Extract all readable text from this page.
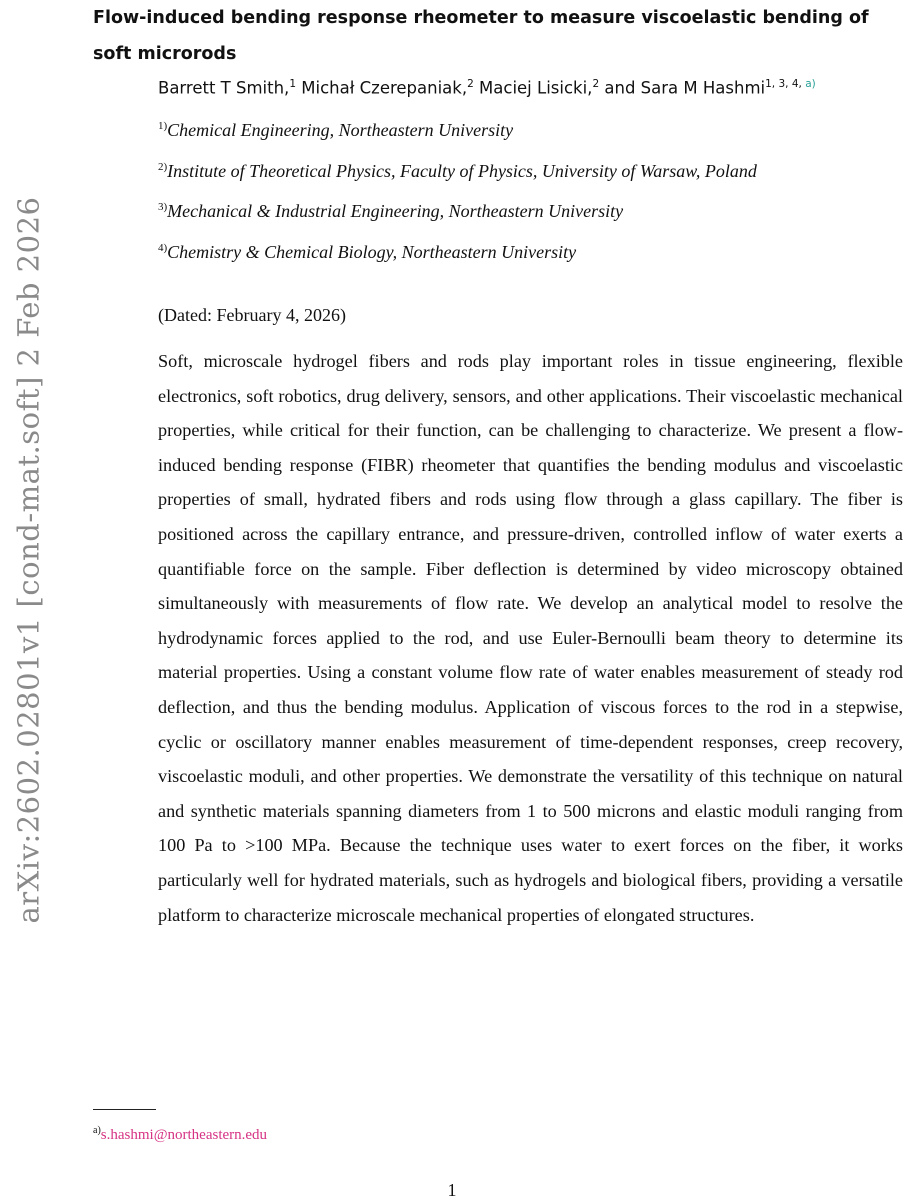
arXiv:2602.02801v1 [cond-mat.soft] 2 Feb 2026
Flow-induced bending response rheometer to measure viscoelastic bending of soft microrods
Barrett T Smith,$^1$ Michał Czerepaniak,$^2$ Maciej Lisicki,$^2$ and Sara M Hashmi$^{1, 3, 4,}$ $^{a)}$
$^{1)}$Chemical Engineering, Northeastern University
$^{2)}$Institute of Theoretical Physics, Faculty of Physics, University of Warsaw, Poland
$^{3)}$Mechanical & Industrial Engineering, Northeastern University
$^{4)}$Chemistry & Chemical Biology, Northeastern University
(Dated: February 4, 2026)

Soft, microscale hydrogel fibers and rods play important roles in tissue engineering, flexible electronics, soft robotics, drug delivery, sensors, and other applications. Their viscoelastic mechanical properties, while critical for their function, can be challenging to characterize. We present a flow-induced bending response (FIBR) rheometer that quantifies the bending modulus and viscoelastic properties of small, hydrated fibers and rods using flow through a glass capillary. The fiber is positioned across the capillary entrance, and pressure-driven, controlled inflow of water exerts a quantifiable force on the sample. Fiber deflection is determined by video microscopy obtained simultaneously with measurements of flow rate. We develop an analytical model to resolve the hydrodynamic forces applied to the rod, and use Euler-Bernoulli beam theory to determine its material properties. Using a constant volume flow rate of water enables measurement of steady rod deflection, and thus the bending modulus. Application of viscous forces to the rod in a stepwise, cyclic or oscillatory manner enables measurement of time-dependent responses, creep recovery, viscoelastic moduli, and other properties. We demonstrate the versatility of this technique on natural and synthetic materials spanning diameters from 1 to 500 microns and elastic moduli ranging from 100 Pa to >100 MPa. Because the technique uses water to exert forces on the fiber, it works particularly well for hydrated materials, such as hydrogels and biological fibers, providing a versatile platform to characterize microscale mechanical properties of elongated structures.

$^{a)}$s.hashmi@northeastern.edu
1
